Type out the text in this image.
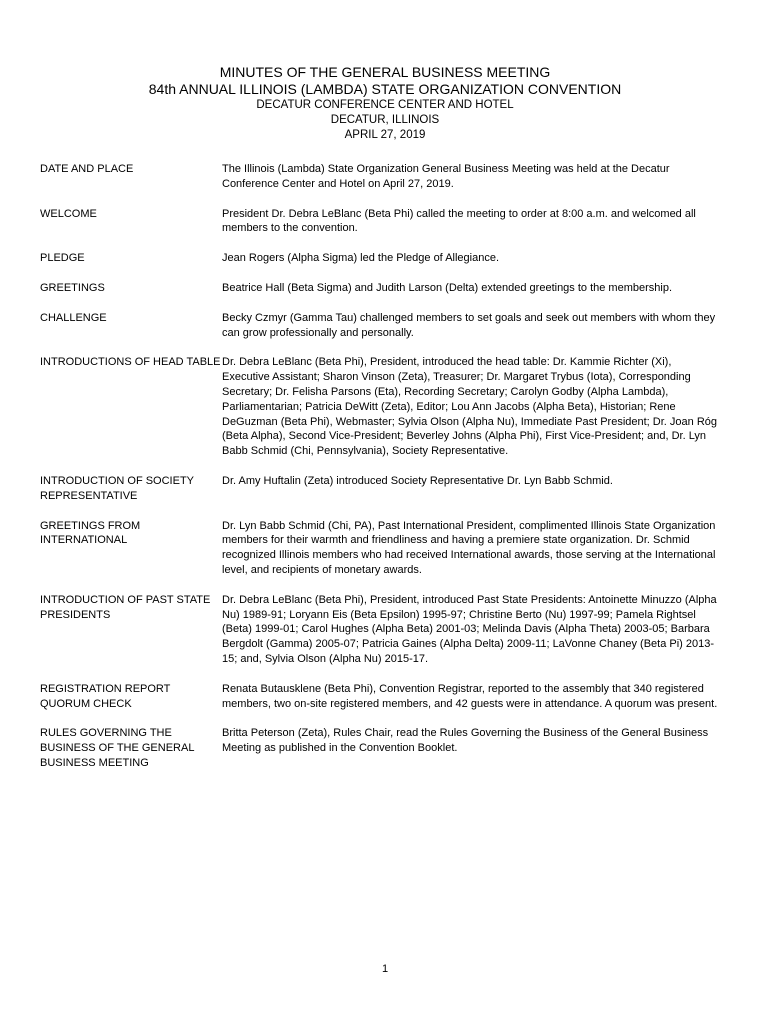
MINUTES OF THE GENERAL BUSINESS MEETING
84th ANNUAL ILLINOIS (LAMBDA) STATE ORGANIZATION CONVENTION
DECATUR CONFERENCE CENTER AND HOTEL
DECATUR, ILLINOIS
APRIL 27, 2019
DATE AND PLACE	The Illinois (Lambda) State Organization General Business Meeting was held at the Decatur Conference Center and Hotel on April 27, 2019.
WELCOME	President Dr. Debra LeBlanc (Beta Phi) called the meeting to order at 8:00 a.m. and welcomed all members to the convention.
PLEDGE	Jean Rogers (Alpha Sigma) led the Pledge of Allegiance.
GREETINGS	Beatrice Hall (Beta Sigma) and Judith Larson (Delta) extended greetings to the membership.
CHALLENGE	Becky Czmyr (Gamma Tau) challenged members to set goals and seek out members with whom they can grow professionally and personally.
INTRODUCTIONS OF HEAD TABLE Dr. Debra LeBlanc (Beta Phi), President, introduced the head table: Dr. Kammie Richter (Xi), Executive Assistant; Sharon Vinson (Zeta), Treasurer; Dr. Margaret Trybus (Iota), Corresponding Secretary; Dr. Felisha Parsons (Eta), Recording Secretary; Carolyn Godby (Alpha Lambda), Parliamentarian; Patricia DeWitt (Zeta), Editor; Lou Ann Jacobs (Alpha Beta), Historian; Rene DeGuzman (Beta Phi), Webmaster; Sylvia Olson (Alpha Nu), Immediate Past President; Dr. Joan Róg (Beta Alpha), Second Vice-President; Beverley Johns (Alpha Phi), First Vice-President; and, Dr. Lyn Babb Schmid (Chi, Pennsylvania), Society Representative.
INTRODUCTION OF SOCIETY REPRESENTATIVE
Dr. Amy Huftalin (Zeta) introduced Society Representative Dr. Lyn Babb Schmid.
GREETINGS FROM INTERNATIONAL
Dr. Lyn Babb Schmid (Chi, PA), Past International President, complimented Illinois State Organization members for their warmth and friendliness and having a premiere state organization. Dr. Schmid recognized Illinois members who had received International awards, those serving at the International level, and recipients of monetary awards.
INTRODUCTION OF PAST STATE PRESIDENTS
Dr. Debra LeBlanc (Beta Phi), President, introduced Past State Presidents: Antoinette Minuzzo (Alpha Nu) 1989-91; Loryann Eis (Beta Epsilon) 1995-97; Christine Berto (Nu) 1997-99; Pamela Rightsel (Beta) 1999-01; Carol Hughes (Alpha Beta) 2001-03; Melinda Davis (Alpha Theta) 2003-05; Barbara Bergdolt (Gamma) 2005-07; Patricia Gaines (Alpha Delta) 2009-11; LaVonne Chaney (Beta Pi) 2013-15; and, Sylvia Olson (Alpha Nu) 2015-17.
REGISTRATION REPORT QUORUM CHECK
Renata Butausklene (Beta Phi), Convention Registrar, reported to the assembly that 340 registered members, two on-site registered members, and 42 guests were in attendance. A quorum was present.
RULES GOVERNING THE BUSINESS OF THE GENERAL BUSINESS MEETING
Britta Peterson (Zeta), Rules Chair, read the Rules Governing the Business of the General Business Meeting as published in the Convention Booklet.
1
